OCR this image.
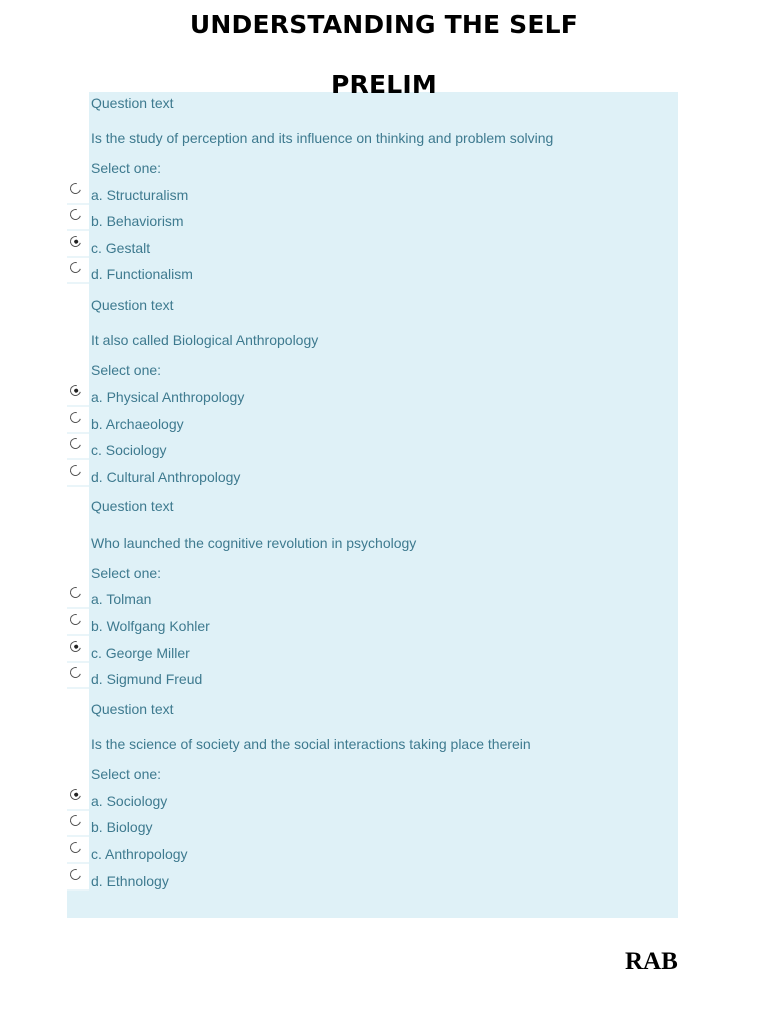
UNDERSTANDING THE SELF
PRELIM
Question text
Is the study of perception and its influence on thinking and problem solving
Select one:
a. Structuralism
b. Behaviorism
c. Gestalt
d. Functionalism
Question text
It also called Biological Anthropology
Select one:
a. Physical Anthropology
b. Archaeology
c. Sociology
d. Cultural Anthropology
Question text
Who launched the cognitive revolution in psychology
Select one:
a. Tolman
b. Wolfgang Kohler
c. George Miller
d. Sigmund Freud
Question text
Is the science of society and the social interactions taking place therein
Select one:
a. Sociology
b. Biology
c. Anthropology
d. Ethnology
RAB
